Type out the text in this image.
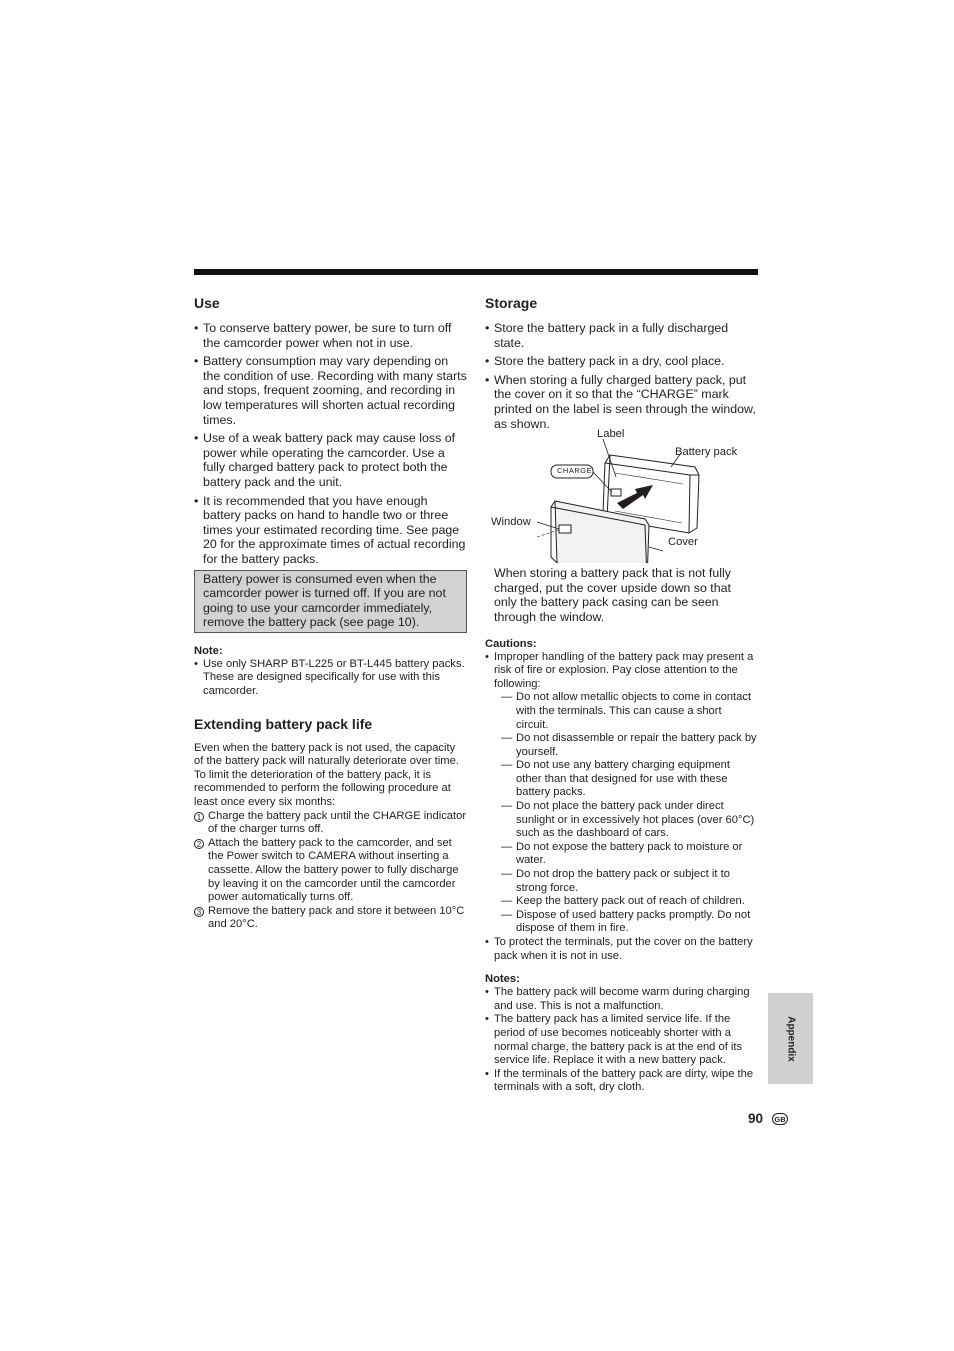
Use
• To conserve battery power, be sure to turn off the camcorder power when not in use.
• Battery consumption may vary depending on the condition of use. Recording with many starts and stops, frequent zooming, and recording in low temperatures will shorten actual recording times.
• Use of a weak battery pack may cause loss of power while operating the camcorder. Use a fully charged battery pack to protect both the battery pack and the unit.
• It is recommended that you have enough battery packs on hand to handle two or three times your estimated recording time. See page 20 for the approximate times of actual recording for the battery packs.
Battery power is consumed even when the camcorder power is turned off. If you are not going to use your camcorder immediately, remove the battery pack (see page 10).
Note:
• Use only SHARP BT-L225 or BT-L445 battery packs. These are designed specifically for use with this camcorder.
Extending battery pack life
Even when the battery pack is not used, the capacity of the battery pack will naturally deteriorate over time. To limit the deterioration of the battery pack, it is recommended to perform the following procedure at least once every six months:
1 Charge the battery pack until the CHARGE indicator of the charger turns off.
2 Attach the battery pack to the camcorder, and set the Power switch to CAMERA without inserting a cassette. Allow the battery power to fully discharge by leaving it on the camcorder until the camcorder power automatically turns off.
3 Remove the battery pack and store it between 10°C and 20°C.
Storage
• Store the battery pack in a fully discharged state.
• Store the battery pack in a dry, cool place.
• When storing a fully charged battery pack, put the cover on it so that the “CHARGE” mark printed on the label is seen through the window, as shown.
Label
Battery pack
Window
Cover
CHARGE
When storing a battery pack that is not fully charged, put the cover upside down so that only the battery pack casing can be seen through the window.
Cautions:
• Improper handling of the battery pack may present a risk of fire or explosion. Pay close attention to the following:
— Do not allow metallic objects to come in contact with the terminals. This can cause a short circuit.
— Do not disassemble or repair the battery pack by yourself.
— Do not use any battery charging equipment other than that designed for use with these battery packs.
— Do not place the battery pack under direct sunlight or in excessively hot places (over 60°C) such as the dashboard of cars.
— Do not expose the battery pack to moisture or water.
— Do not drop the battery pack or subject it to strong force.
— Keep the battery pack out of reach of children.
— Dispose of used battery packs promptly. Do not dispose of them in fire.
• To protect the terminals, put the cover on the battery pack when it is not in use.
Notes:
• The battery pack will become warm during charging and use. This is not a malfunction.
• The battery pack has a limited service life. If the period of use becomes noticeably shorter with a normal charge, the battery pack is at the end of its service life. Replace it with a new battery pack.
• If the terminals of the battery pack are dirty, wipe the terminals with a soft, dry cloth.
Appendix
90	GB
